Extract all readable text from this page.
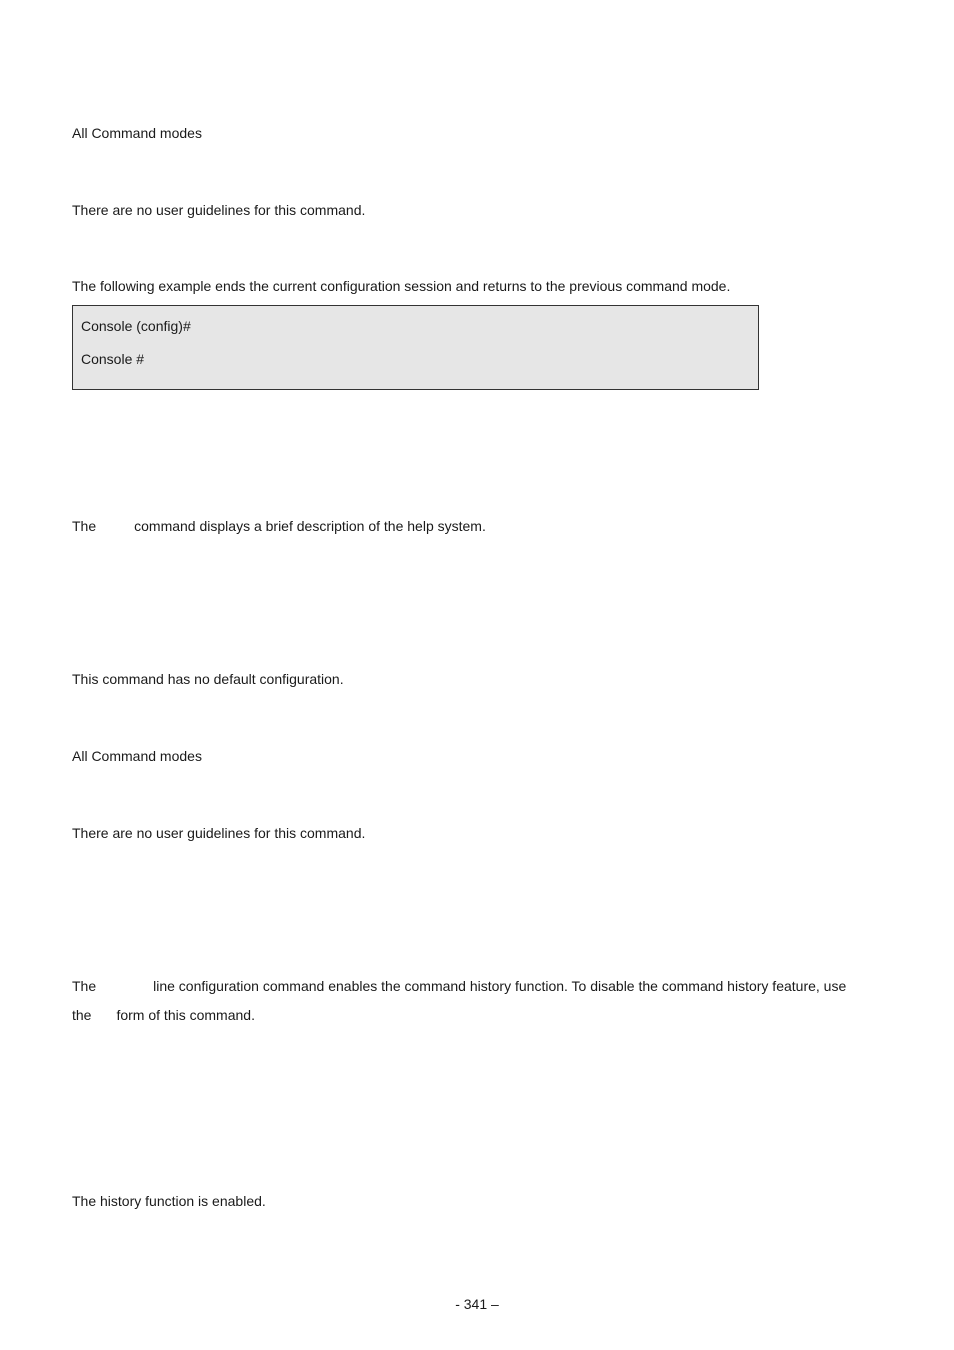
All Command modes
There are no user guidelines for this command.
The following example ends the current configuration session and returns to the previous command mode.
Console (config)#
Console #
The	command displays a brief description of the help system.
This command has no default configuration.
All Command modes
There are no user guidelines for this command.
The	line configuration command enables the command history function. To disable the command history feature, use
the form of this command.
The history function is enabled.
- 341 –
